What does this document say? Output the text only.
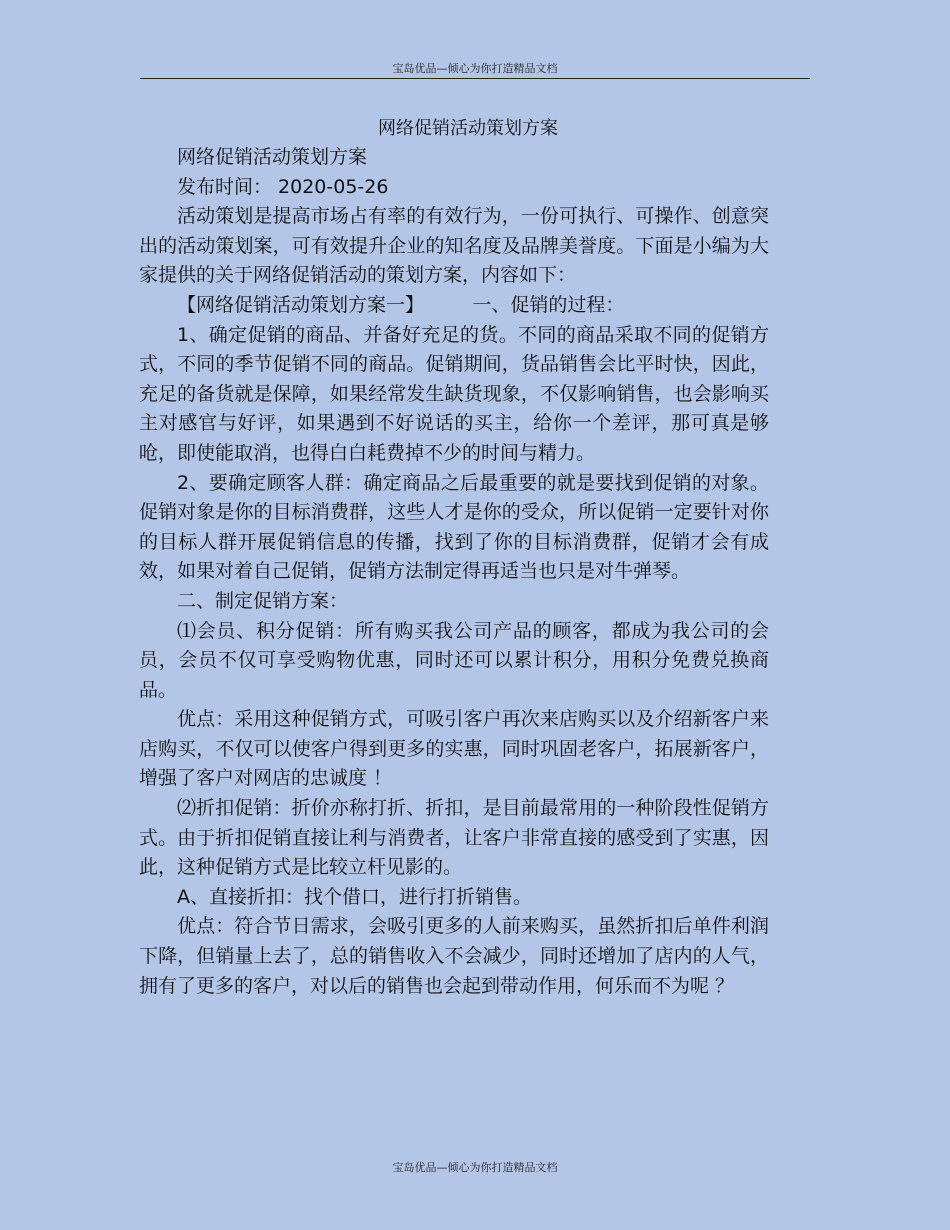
宝岛优品—倾心为你打造精品文档
网络促销活动策划方案

网络促销活动策划方案

发布时间： 2020-05-26

活动策划是提高市场占有率的有效行为，一份可执行、可操作、创意突出的活动策划案，可有效提升企业的知名度及品牌美誉度。下面是小编为大家提供的关于网络促销活动的策划方案，内容如下：

【网络促销活动策划方案一】        一、促销的过程：

1、确定促销的商品、并备好充足的货。不同的商品采取不同的促销方式，不同的季节促销不同的商品。促销期间，货品销售会比平时快，因此，充足的备货就是保障，如果经常发生缺货现象，不仅影响销售，也会影响买主对感官与好评，如果遇到不好说话的买主，给你一个差评，那可真是够呛，即使能取消，也得白白耗费掉不少的时间与精力。

2、要确定顾客人群：确定商品之后最重要的就是要找到促销的对象。促销对象是你的目标消费群，这些人才是你的受众，所以促销一定要针对你的目标人群开展促销信息的传播，找到了你的目标消费群，促销才会有成效，如果对着自己促销，促销方法制定得再适当也只是对牛弹琴。

二、制定促销方案：

⑴会员、积分促销：所有购买我公司产品的顾客，都成为我公司的会员，会员不仅可享受购物优惠，同时还可以累计积分，用积分免费兑换商品。

优点：采用这种促销方式，可吸引客户再次来店购买以及介绍新客户来店购买，不仅可以使客户得到更多的实惠，同时巩固老客户，拓展新客户，增强了客户对网店的忠诚度 ！

⑵折扣促销：折价亦称打折、折扣，是目前最常用的一种阶段性促销方式。由于折扣促销直接让利与消费者，让客户非常直接的感受到了实惠，因此，这种促销方式是比较立杆见影的。

A、直接折扣：找个借口，进行打折销售。

优点：符合节日需求，会吸引更多的人前来购买，虽然折扣后单件利润下降，但销量上去了，总的销售收入不会减少，同时还增加了店内的人气，拥有了更多的客户，对以后的销售也会起到带动作用，何乐而不为呢 ？

宝岛优品—倾心为你打造精品文档
